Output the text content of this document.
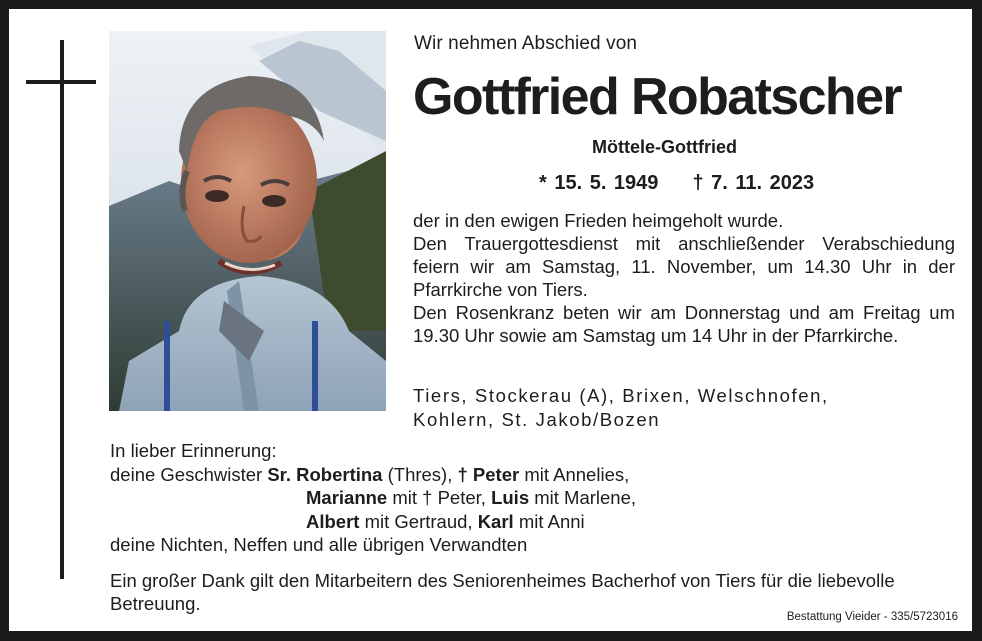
Wir nehmen Abschied von
Gottfried Robatscher
Möttele-Gottfried
* 15. 5. 1949 † 7. 11. 2023

der in den ewigen Frieden heimgeholt wurde.

Den Trauergottesdienst mit anschließender Verabschiedung feiern wir am Samstag, 11. November, um 14.30 Uhr in der Pfarrkirche von Tiers.

Den Rosenkranz beten wir am Donnerstag und am Freitag um 19.30 Uhr sowie am Samstag um 14 Uhr in der Pfarrkirche.

Tiers, Stockerau (A), Brixen, Welschnofen,

Kohlern, St. Jakob/Bozen

In lieber Erinnerung:

deine Geschwister Sr. Robertina (Thres), † Peter mit Annelies,

Marianne mit † Peter, Luis mit Marlene,

Albert mit Gertraud, Karl mit Anni

deine Nichten, Neffen und alle übrigen Verwandten

Ein großer Dank gilt den Mitarbeitern des Seniorenheimes Bacherhof von Tiers für die liebevolle Betreuung.

Bestattung Vieider - 335/5723016
